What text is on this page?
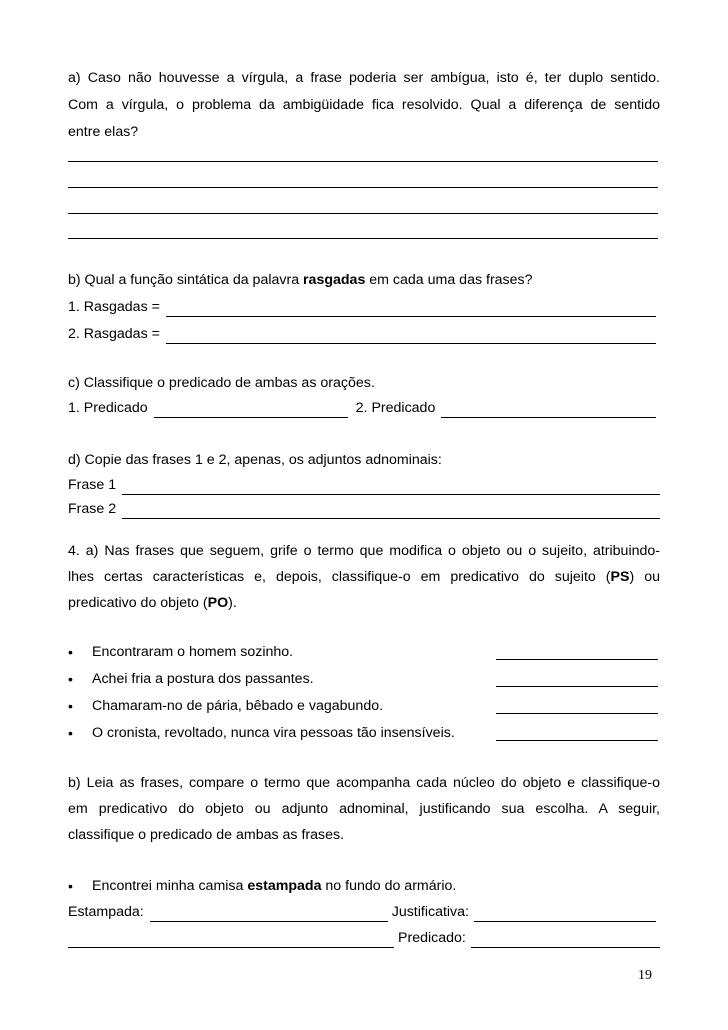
a) Caso não houvesse a vírgula, a frase poderia ser ambígua, isto é, ter duplo sentido.
Com a vírgula, o problema da ambigüidade fica resolvido. Qual a diferença de sentido
entre elas?
b) Qual a função sintática da palavra rasgadas em cada uma das frases?
1. Rasgadas =
2. Rasgadas =
c) Classifique o predicado de ambas as orações.
1. Predicado	2. Predicado
d) Copie das frases 1 e 2, apenas, os adjuntos adnominais:
Frase 1
Frase 2
4. a) Nas frases que seguem, grife o termo que modifica o objeto ou o sujeito, atribuindo-
lhes certas características e, depois, classifique-o em predicativo do sujeito (PS) ou
predicativo do objeto (PO).
• Encontraram o homem sozinho.
• Achei fria a postura dos passantes.
• Chamaram-no de pária, bêbado e vagabundo.
• O cronista, revoltado, nunca vira pessoas tão insensíveis.
b) Leia as frases, compare o termo que acompanha cada núcleo do objeto e classifique-o
em predicativo do objeto ou adjunto adnominal, justificando sua escolha. A seguir,
classifique o predicado de ambas as frases.
• Encontrei minha camisa estampada no fundo do armário.
Estampada:	Justificativa:
Predicado:
19
